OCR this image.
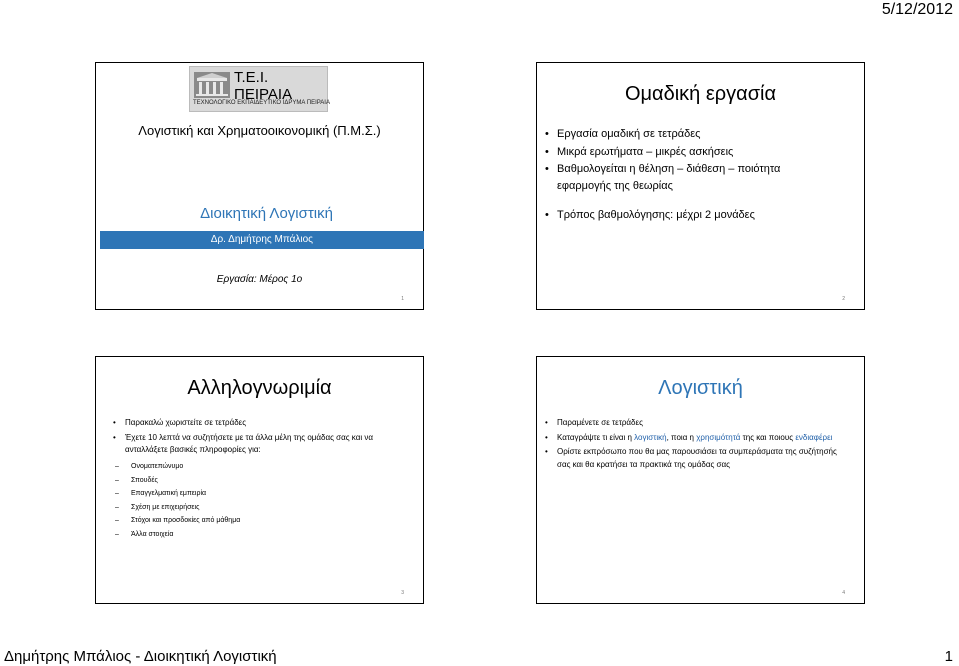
5/12/2012
Τ.Ε.Ι. ΠΕΙΡΑΙΑ
ΤΕΧΝΟΛΟΓΙΚΟ ΕΚΠΑΙΔΕΥΤΙΚΟ ΙΔΡΥΜΑ ΠΕΙΡΑΙΑ
Λογιστική και Χρηματοοικονομική (Π.Μ.Σ.)
Διοικητική Λογιστική
Δρ. Δημήτρης Μπάλιος
Εργασία: Μέρος 1ο
1
Ομαδική εργασία
• Εργασία ομαδική σε τετράδες
• Μικρά ερωτήματα – μικρές ασκήσεις
• Βαθμολογείται η θέληση – διάθεση – ποιότητα εφαρμογής της θεωρίας
• Τρόπος βαθμολόγησης: μέχρι 2 μονάδες
2
Αλληλογνωριμία
• Παρακαλώ χωριστείτε σε τετράδες
• Έχετε 10 λεπτά να συζητήσετε με τα άλλα μέλη της ομάδας σας και να ανταλλάξετε βασικές πληροφορίες για:
– Ονοματεπώνυμο
– Σπουδές
– Επαγγελματική εμπειρία
– Σχέση με επιχειρήσεις
– Στόχοι και προσδοκίες από μάθημα
– Άλλα στοιχεία
3
Λογιστική
• Παραμένετε σε τετράδες
• Καταγράψτε τι είναι η λογιστική, ποια η χρησιμότητά της και ποιους ενδιαφέρει
• Ορίστε εκπρόσωπο που θα μας παρουσιάσει τα συμπεράσματα της συζήτησής σας και θα κρατήσει τα πρακτικά της ομάδας σας
4
Δημήτρης Μπάλιος - Διοικητική Λογιστική	1
